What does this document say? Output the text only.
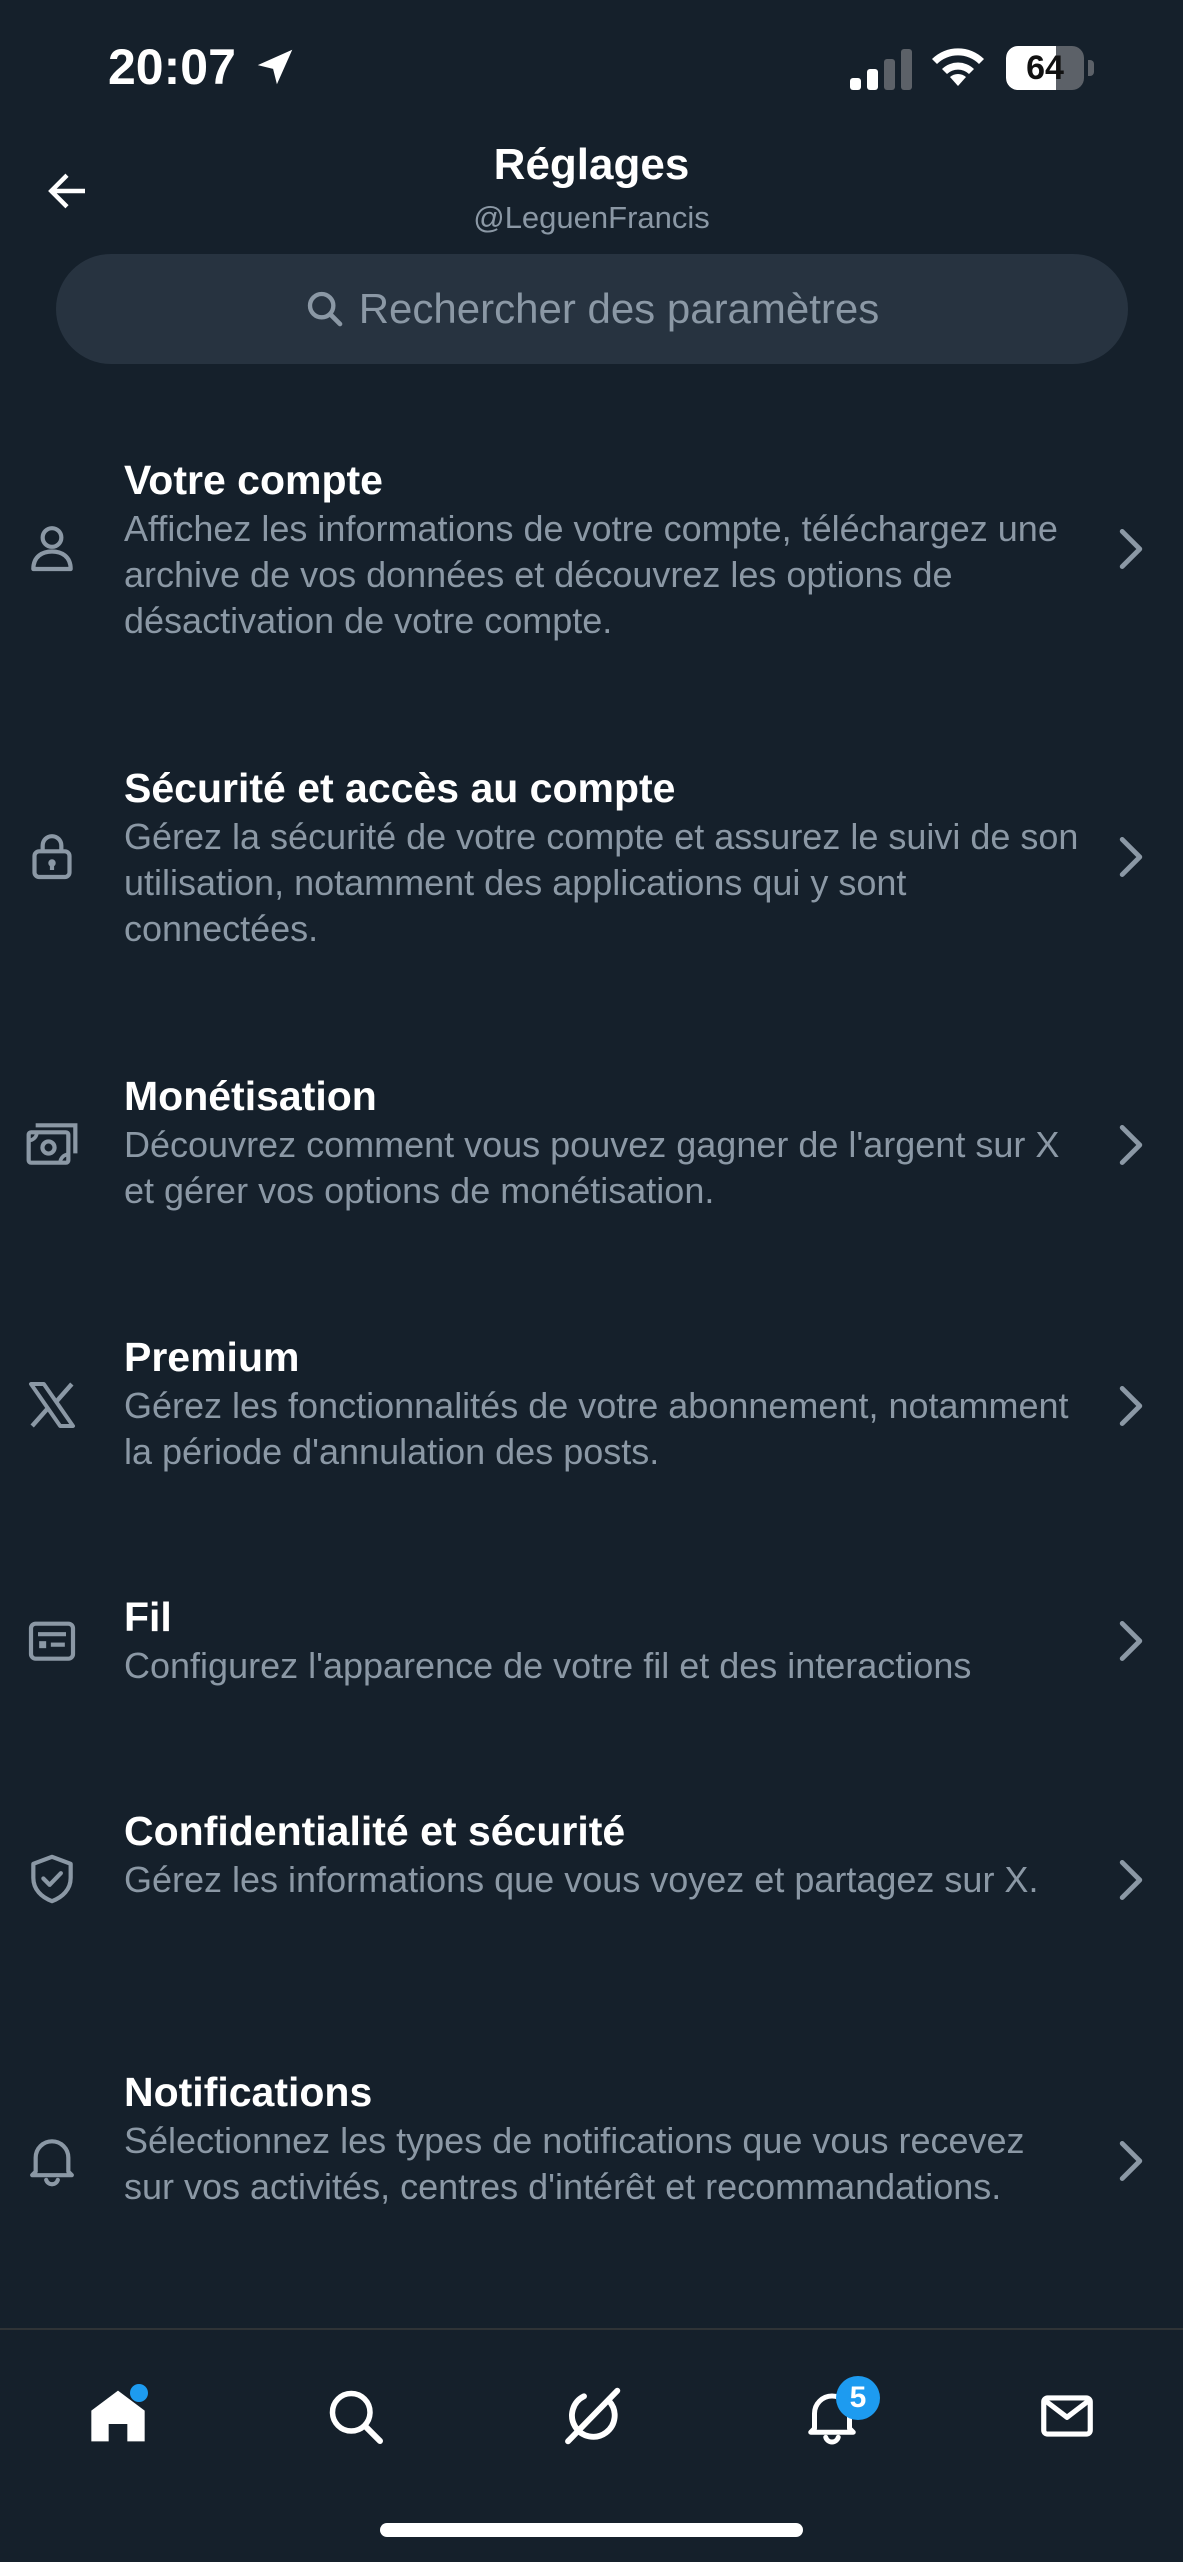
20:07	64
Réglages
@LeguenFrancis
Rechercher des paramètres
Votre compte
Affichez les informations de votre compte, téléchargez une archive de vos données et découvrez les options de désactivation de votre compte.
Sécurité et accès au compte
Gérez la sécurité de votre compte et assurez le suivi de son utilisation, notamment des applications qui y sont connectées.
Monétisation
Découvrez comment vous pouvez gagner de l'argent sur X et gérer vos options de monétisation.
Premium
Gérez les fonctionnalités de votre abonnement, notamment la période d'annulation des posts.
Fil
Configurez l'apparence de votre fil et des interactions
Confidentialité et sécurité
Gérez les informations que vous voyez et partagez sur X.
Notifications
Sélectionnez les types de notifications que vous recevez sur vos activités, centres d'intérêt et recommandations.
5
